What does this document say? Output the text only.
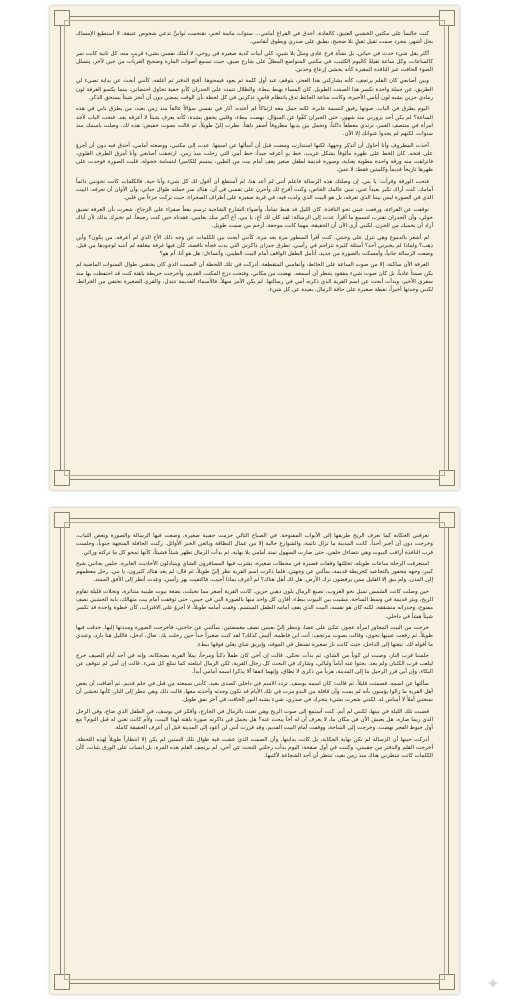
كنت جالساً على مكتبي الخشبي العتيق، كالعادة، أحدق في الفراغ أمامي... سنوات ماسة لخبر، تقتحمت ثوانيَّ تدعي شخوص عتيقة، لا أستطيع الإمساك بحل أشهر، مجرد صمت ثقيل ثقيلٍ بلا ضجيج، يطبق على صدري ويطوق أنفاسي.

أكثر يقل شيء حدث في حياتي، بل نشأة فرح عادي ومثلُ بلا شيئٍ، كلي أبيات كدية صغيرة في روحي، لا أملك نفسي بشيء قريبٍ منه، كل ثانية كانت تمر كالساعات، وكل ساعة ثقيلةٌ كاليوم الكئيب، في مكتبي المتواضع المطلّ على شارع ضيق، حيث تسمع أصوات المارة وضجيج العربات من حين لآخر، يتسلل الضوء الخافت عبر النافذة المغبرة كأنه يخشى إزعاج وحدتي.

وبين أصابعي كان القلم يرتجف، كأنه يشاركني هذا العجز، يتوقف عند أول كلمة ثم يعود فيمحوها. أفتح الدفتر ثم أغلقه، كأنني أبحث عن بداية تضيء لي الطريق، عن جملة واحدة تكسر هذا الصمت الطويل. كان المساء يهبط ببطء، والظلال تتمدد على الجدران كأيدٍ خفية تحاول احتضاني، بينما يكسو الغرفة لون رمادي حزين يشبه لون أيامي الأخيرة، وكانت ساعة الحائط تدق بانتظام قاسٍ، تذكرني في كل لحظة بأن الوقت يمضي دون أن أنجز شيئاً يستحق الذكر.

اليوم يطرق في الباب. صوتها رقيق كنسمة عابرة، لكنه حمل معه ارتباكاً لم أعتده. أثار في نفسي سؤالاً عالقاً منذ زمن بعيد، من يطرق بابي في هذه الساعة؟ لم يكن أحد يزورني منذ شهور، حتى الجيران كفّوا عن السؤال. نهضت ببطء، وقلبي يخفق بشدة، كأنه يعرف شيئاً لا أعرفه بعد. فتحت الباب لأجد امرأة في منتصف العمر، ترتدي معطفاً داكناً، وتحمل بين يديها مظروفاً أصفر باهتاً. نظرت إليّ طويلاً، ثم قالت بصوت خفيض: هذه لك، وصلت باسمك منذ سنوات، لكنهم لم يجدوا عنوانك إلا الآن.

أخذت المظروف وأنا أحاول أن أتذكر وجهها، لكنها استدارت ومضت قبل أن أسألها عن اسمها. عدت إلى مكتبي، ووضعته أمامي، أحدق فيه دون أن أجرؤ على فتحه. كان الخط على ظهره مألوفاً بشكل غريب، خط يدٍ أعرفه جيداً، خط أمي التي رحلت منذ زمن. ارتجفت أصابعي وأنا أمزق الطرف العلوي، فانزلقت منه ورقة واحدة مطوية بعناية، وصورة قديمة لطفل صغير يقف أمام بيت من الطين، يبتسم للكاميرا ابتسامة خجولة. قلبت الصورة فوجدت على ظهرها تاريخاً قديماً وكلمتين فقط: لا تنسَ.

فتحت الورقة وقرأت: يا بني، إن وصلتك هذه الرسالة فاعلم أنني لم أعد هنا. لم أستطع أن أقول لك كل شيء وأنا حية، فالكلمات كانت تخونني دائماً أمامك. كنت أراك تكبر بعيداً عني، تبني عالمك الخاص، وكنت أفرح لك وأحزن على نفسي في آن. هناك سر حملته طوال حياتي، وآن الأوان أن تعرفه. البيت الذي في الصورة ليس بيتنا الذي تعرفه، بل هو البيت الذي ولدت فيه، في قرية صغيرة على أطراف الصحراء، حيث تركت جزءاً من قلبي.

توقفت عن القراءة، ورفعت عيني نحو النافذة. كان الليل قد هبط تماماً، وأضواء الشارع الشاحبة ترسم بقعاً صفراء على الزجاج. شعرت بأن الغرفة تضيق حولي، وأن الجدران تقترب لتسمع ما أقرأ. عدت إلى الرسالة: لقد كان لك أخ، يا بني، أخ أكبر منك بعامين، فقدناه حين كنت رضيعاً. لم نخبرك بذلك لأن أباك أراد أن يحميك من الحزن، لكنني أرى الآن أن الحقيقة، مهما كانت موجعة، أرحم من صمت طويل.

لم أشعر بالدموع وهي تنزل على وجنتي. كنت أقرأ السطور مرة بعد مرة، كأنني أبحث بين الكلمات عن وجه ذلك الأخ الذي لم أعرفه. من يكون؟ وأين ذهب؟ ولماذا لم يخبرني أحد؟ أسئلة كثيرة تتزاحم في رأسي، تطرق جدران ذاكرتي التي بدت فجأة ناقصة، كأن فيها غرفة مغلقة لم أنتبه لوجودها من قبل. وضعت الرسالة جانباً، وأمسكت بالصورة من جديد، أتأمل الطفل الواقف أمام البيت الطيني، وأتساءل: هل هو أنا، أم هو؟

الغرفة الآن ساكنة، إلا من صوت الساعة على الحائط، وأنفاسي المتقطعة. أدركت في تلك اللحظة أن الصمت الذي كان يخنقني طوال السنوات الماضية لم يكن صمتاً عادياً، بل كان صوت شيء مفقود ينتظر أن أسمعه. نهضت من مكاني، وفتحت درج المكتب القديم، وأخرجت خريطة باهتة كنت قد احتفظت بها منذ سفري الأخير، وبدأت أبحث عن اسم القرية الذي ذكرته أمي في رسالتها. لم يكن الأمر سهلاً، فالأسماء القديمة تتبدل، والقرى الصغيرة تختفي من الخرائط، لكنني وجدتها أخيراً، نقطة صغيرة على حافة الرمال، بعيدة عن كل شيء.

تعرفني الحكاية كما تعرف الريح طريقها إلى الأبواب المفتوحة. في الصباح التالي حزمت حقيبة صغيرة، وضعت فيها الرسالة والصورة وبعض الثياب، وخرجت دون أن أخبر أحداً. كانت المدينة ما تزال نائمة، والشوارع خالية إلا من عمال النظافة وبائعي الخبز الأوائل. ركبت الحافلة المتجهة جنوباً، وجلست قرب النافذة أراقب البيوت وهي تتضاءل خلفي، حتى صارت السهول تمتد أمامي بلا نهاية، ثم بدأت الرمال تظهر شيئاً فشيئاً، كأنها تمحو كل ما تركته ورائي.

استغرقت الرحلة ساعات طويلة، تخللتها وقفات قصيرة في محطات صغيرة، يشرب فيها المسافرون الشاي ويتبادلون الأحاديث العابرة. جلس بجانبي شيخ كبير، وجهه محفور بالتجاعيد كخريطة قديمة، سألني عن وجهتي، فلما ذكرت اسم القرية نظر إليّ طويلاً، ثم قال: لم يعد هناك كثيرون، يا بني. رحل معظمهم إلى المدن، ولم يبق إلا القليل ممن يرفضون ترك الأرض. هل لك أهل هناك؟ لم أعرف بماذا أجيب، فاكتفيت بهز رأسي، وعدت أنظر إلى الأفق الممتد.

حين وصلت كانت الشمس تميل نحو الغروب، تصبغ الرمال بلون ذهبي حزين. كانت القرية أصغر مما تخيلت، بضعة بيوت طينية متناثرة، ونخلات قليلة تقاوم الريح، وبئر قديمة في وسط الساحة. مشيت بين البيوت ببطء، أقارن كل واحد منها بالصورة التي في جيبي، حتى توقفت أمام بيت متهالك، بابه الخشبي نصف مفتوح، وجدرانه متشققة، لكنه كان هو نفسه، البيت الذي يقف أمامه الطفل المبتسم. وقفت أمامه طويلاً، لا أجرؤ على الاقتراب، كأن خطوة واحدة قد تكسر شيئاً هشاً في داخلي.

خرجت من البيت المجاور امرأة عجوز، تتكئ على عصا، وتنظر إليّ بعينين نصف مغمضتين. سألتني عن حاجتي، فأخرجت الصورة ومددتها إليها. حدقت فيها طويلاً، ثم رفعت عينيها نحوي، وقالت بصوت مرتجف: أنت ابن فاطمة، أليس كذلك؟ لقد كنت صغيراً جداً حين رحلت بك. تعال، ادخل، فالليل هنا بارد، وعندي ما أقوله لك. تبعتها إلى الداخل، حيث كانت نار صغيرة تشتعل في الموقد، وإبريق شاي يغلي فوقها ببطء.

جلسنا قرب النار، وصبت لي كوباً من الشاي، ثم بدأت تحكي. قالت إن أخي كان طفلاً ذكياً ومرحاً، يملأ القرية بضحكاته، وإنه في أحد أيام الصيف خرج ليلعب قرب الكثبان ولم يعد. بحثوا عنه أياماً وليالي، وشارك في البحث كل رجال القرية، لكن الرمال ابتلعته كما تبتلع كل شيء. قالت إن أمي لم تتوقف عن البكاء، وإن أبي قرر الرحيل بنا إلى المدينة، هرباً من ذكرى لا تطاق، وإنهما اتفقا ألا يذكرا اسمه أمامي أبداً.

سألتها عن اسمه، فصمتت قليلاً، ثم قالت: كان اسمه يوسف. تردد الاسم في داخلي كصدى بعيد، كأنني سمعته من قبل في حلم قديم. ثم أضافت أن بعض أهل القرية ما زالوا يؤمنون بأنه لم يمت، وأن قافلة من البدو مرت في تلك الأيام قد تكون وجدته وأخذته معها. قالت ذلك وهي تنظر إلى النار، كأنها تخشى أن تمنحني أملاً لا أساس له. لكنني شعرت بشيء يتحرك في صدري، شيء يشبه النور الخافت في آخر نفق طويل.

قضيت تلك الليلة في بيتها، لكنني لم أنم. كنت أستمع إلى صوت الريح وهي تعبث بالرمال في الخارج، وأفكر في يوسف، في الطفل الذي ضاع، وفي الرجل الذي ربما صاره. هل يعيش الآن في مكان ما، لا يعرف أن له أخاً يبحث عنه؟ هل يحمل في ذاكرته صورة باهتة لهذا البيت، ولأم كانت تغني له قبل النوم؟ مع أول خيوط الفجر نهضت، وخرجت إلى الساحة، ووقفت أمام البيت القديم، وقد قررت أنني لن أعود إلى المدينة قبل أن أعرف الحقيقة كاملة.

أدركت حينها أن الرسالة لم تكن نهاية الحكاية، بل كانت بدايتها. وأن الصمت الذي عشت فيه طوال تلك السنين لم يكن إلا انتظاراً طويلاً لهذه اللحظة. أخرجت القلم والدفتر من حقيبتي، وكتبت في أول صفحة: اليوم بدأت رحلتي للبحث عن أخي. لم يرتجف القلم هذه المرة، بل انساب على الورق بثبات، كأن الكلمات كانت تنتظرني هناك منذ زمن بعيد، تنتظر أن أجد الشجاعة لأكتبها.

✦
